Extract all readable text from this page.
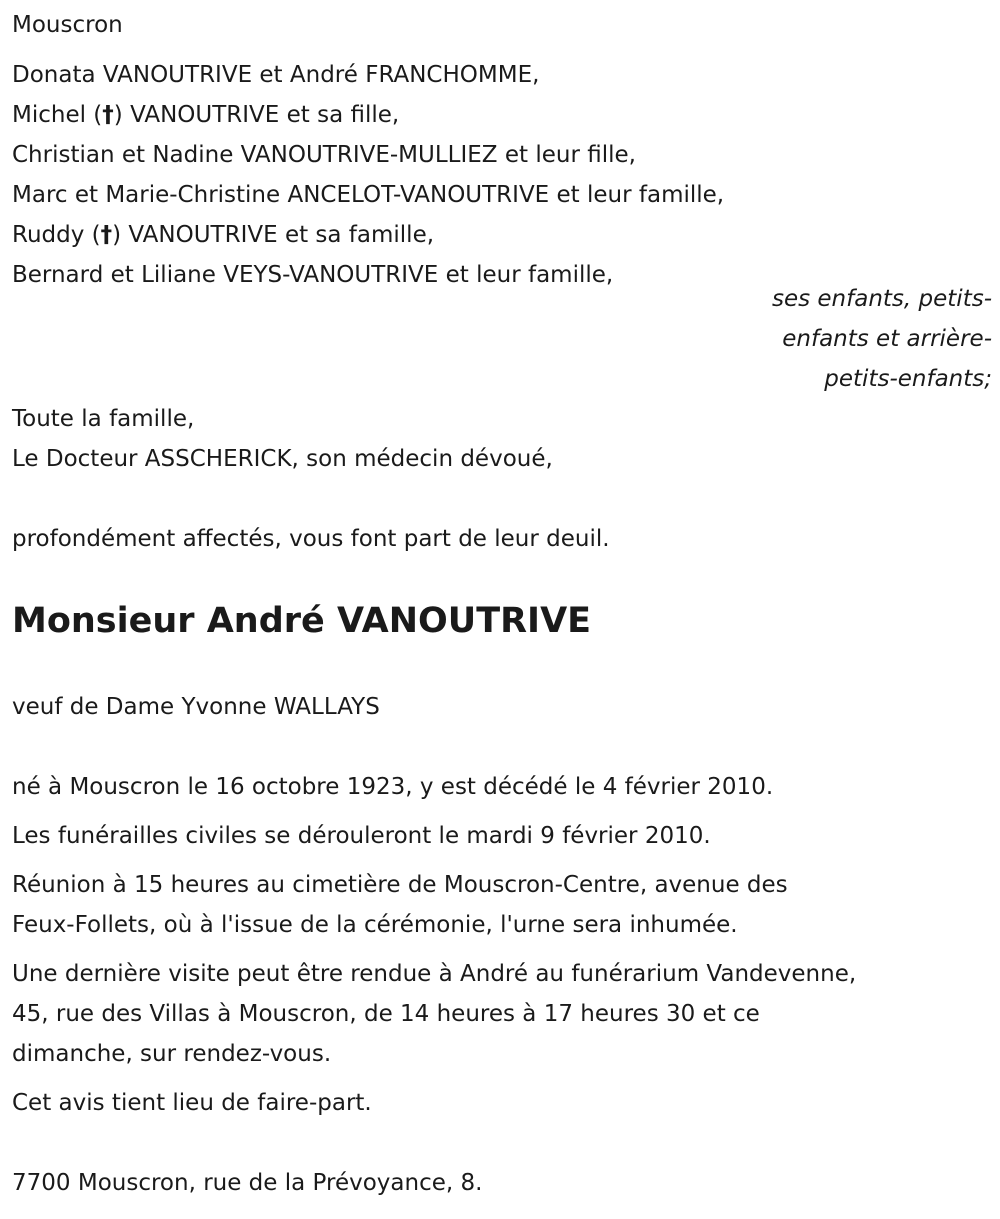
Mouscron
Donata VANOUTRIVE et André FRANCHOMME,
Michel (†) VANOUTRIVE et sa fille,
Christian et Nadine VANOUTRIVE-MULLIEZ et leur fille,
Marc et Marie-Christine ANCELOT-VANOUTRIVE et leur famille,
Ruddy (†) VANOUTRIVE et sa famille,
Bernard et Liliane VEYS-VANOUTRIVE et leur famille,
ses enfants, petits-
enfants et arrière-
petits-enfants;
Toute la famille,
Le Docteur ASSCHERICK, son médecin dévoué,
profondément affectés, vous font part de leur deuil.
Monsieur André VANOUTRIVE
veuf de Dame Yvonne WALLAYS
né à Mouscron le 16 octobre 1923, y est décédé le 4 février 2010.
Les funérailles civiles se dérouleront le mardi 9 février 2010.
Réunion à 15 heures au cimetière de Mouscron-Centre, avenue des
Feux-Follets, où à l'issue de la cérémonie, l'urne sera inhumée.
Une dernière visite peut être rendue à André au funérarium Vandevenne,
45, rue des Villas à Mouscron, de 14 heures à 17 heures 30 et ce
dimanche, sur rendez-vous.
Cet avis tient lieu de faire-part.
7700 Mouscron, rue de la Prévoyance, 8.
